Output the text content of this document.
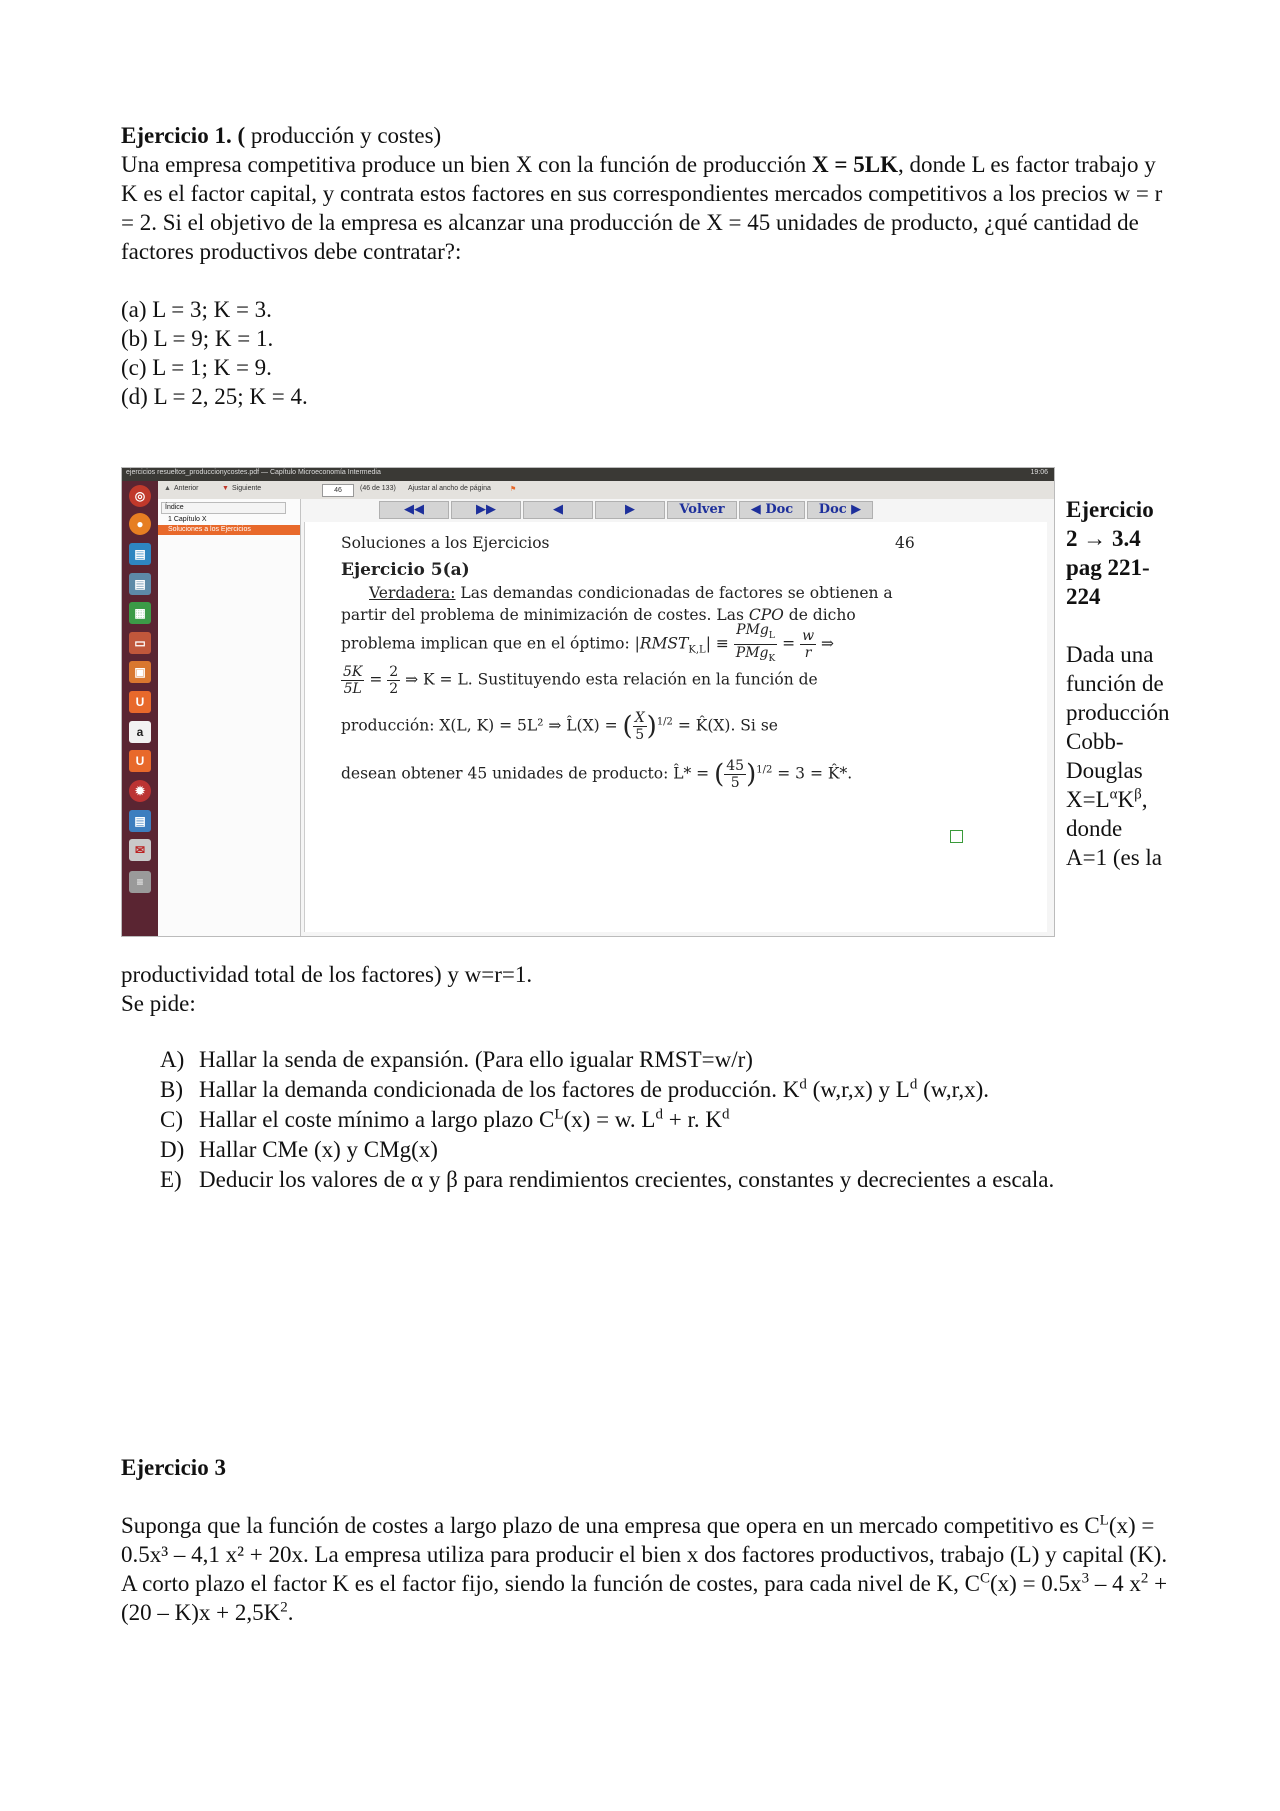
Ejercicio 1. ( producción y costes)
Una empresa competitiva produce un bien X con la función de producción X = 5LK, donde L es factor trabajo y K es el factor capital, y contrata estos factores en sus correspondientes mercados competitivos a los precios w = r = 2. Si el objetivo de la empresa es alcanzar una producción de X = 45 unidades de producto, ¿qué cantidad de factores productivos debe contratar?:
(a) L = 3; K = 3.
(b) L = 9; K = 1.
(c) L = 1; K = 9.
(d) L = 2, 25; K = 4.
ejercicios resueltos_produccionycostes.pdf — Capítulo Microeconomía Intermedia	19:06
◎
●
▤
▤
▦
▭
▣
U
a
U
✹
▤
✉
≡
▲ Anterior	▼ Siguiente	46	(46 de 133) Ajustar al ancho de página	⚑
Índice
1 Capítulo X
Soluciones a los Ejercicios
◀◀	▶▶	◀	▶	Volver	◀ Doc	Doc ▶
Soluciones a los Ejercicios	46
Ejercicio 5(a)
Verdadera: Las demandas condicionadas de factores se obtienen a
partir del problema de minimización de costes. Las CPO de dicho
problema implican que en el óptimo: $|RMST_{K,L}| \equiv \frac{PMg_L}{PMg_K} = \frac{w}{r}$ ⇒
$\frac{5K}{5L} = \frac{2}{2}$ ⇒ K = L. Sustituyendo esta relación en la función de
producción: X(L, K) = 5L² ⇒ L̂(X) = ( $\frac{X}{5} )^{1/2}$ = K̂(X). Si se
desean obtener 45 unidades de producto: L̂* = ( $\frac{45}{5} )^{1/2} = 3$ = K̂*.
Ejercicio 2 → 3.4 pag 221-224
Dada una función de producción Cobb-Douglas $X=L^\alpha K^\beta$, donde A=1 (es la
productividad total de los factores) y w=r=1.
Se pide:
A) Hallar la senda de expansión. (Para ello igualar RMST=w/r)
B) Hallar la demanda condicionada de los factores de producción. $K^d$ (w,r,x) y $L^d$ (w,r,x).
C) Hallar el coste mínimo a largo plazo $C^L(x) = w$. $L^d + r$. $K^d$
D) Hallar CMe (x) y CMg(x)
E) Deducir los valores de α y β para rendimientos crecientes, constantes y decrecientes a escala.
Ejercicio 3
Suponga que la función de costes a largo plazo de una empresa que opera en un mercado competitivo es $C^L(x) = 0.5x^3 - 4,1$ x² + 20x. La empresa utiliza para producir el bien x dos factores productivos, trabajo (L) y capital (K). A corto plazo el factor K es el factor fijo, siendo la función de costes, para cada nivel de K, $C^C(x) = 0.5x^3 - 4$ $x^2 + (20 - K)x + 2,5K^2$.
